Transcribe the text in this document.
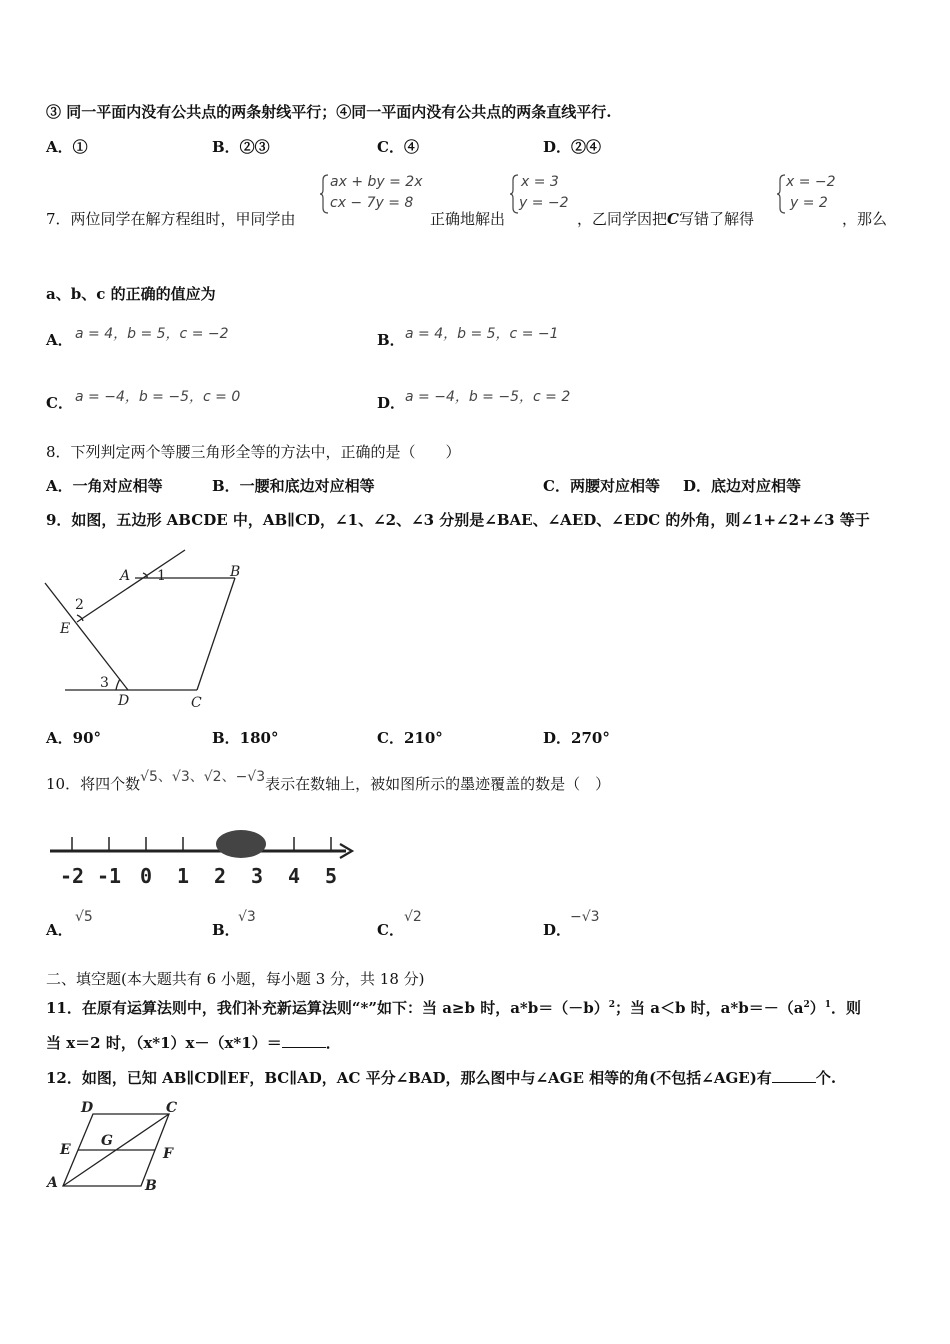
③ 同一平面内没有公共点的两条射线平行；④同一平面内没有公共点的两条直线平行.
A．①	B．②③	C．④	D．②④
7．两位同学在解方程组时，甲同学由
ax + by = 2x
cx − 7y = 8
正确地解出
x = 3
y = −2
，乙同学因把C写错了解得
x = −2
y = 2
，那么
a、b、c 的正确的值应为
A． a = 4，b = 5，c = −2	B． a = 4，b = 5，c = −1
C． a = −4，b = −5，c = 0	D． a = −4，b = −5，c = 2
8．下列判定两个等腰三角形全等的方法中，正确的是（　　）
A．一角对应相等	B．一腰和底边对应相等	C．两腰对应相等 D．底边对应相等
9．如图，五边形 ABCDE 中，AB∥CD，∠1、∠2、∠3 分别是∠BAE、∠AED、∠EDC 的外角，则∠1+∠2+∠3 等于
A	B
C
D
E
1
2
3
A．90°	B．180°	C．210°	D．270°
10．将四个数√5、√3、√2、−√3表示在数轴上，被如图所示的墨迹覆盖的数是（　）
-2 -1 0 1 2 3 4 5
A．
√5
B．
√3
C．
√2
D．
−√3
二、填空题(本大题共有 6 小题，每小题 3 分，共 18 分)
11．在原有运算法则中，我们补充新运算法则“*”如下：当 a≥b 时，$a*b=(-b)^2$；当 a＜b 时，$a*b=-(a^2)^1$．则
当 x＝2 时，（x*1）x－（x*1）＝	．
12．如图，已知 AB∥CD∥EF，BC∥AD，AC 平分∠BAD，那么图中与∠AGE 相等的角(不包括∠AGE)有	个.
A	B
C
D
E	F
G
